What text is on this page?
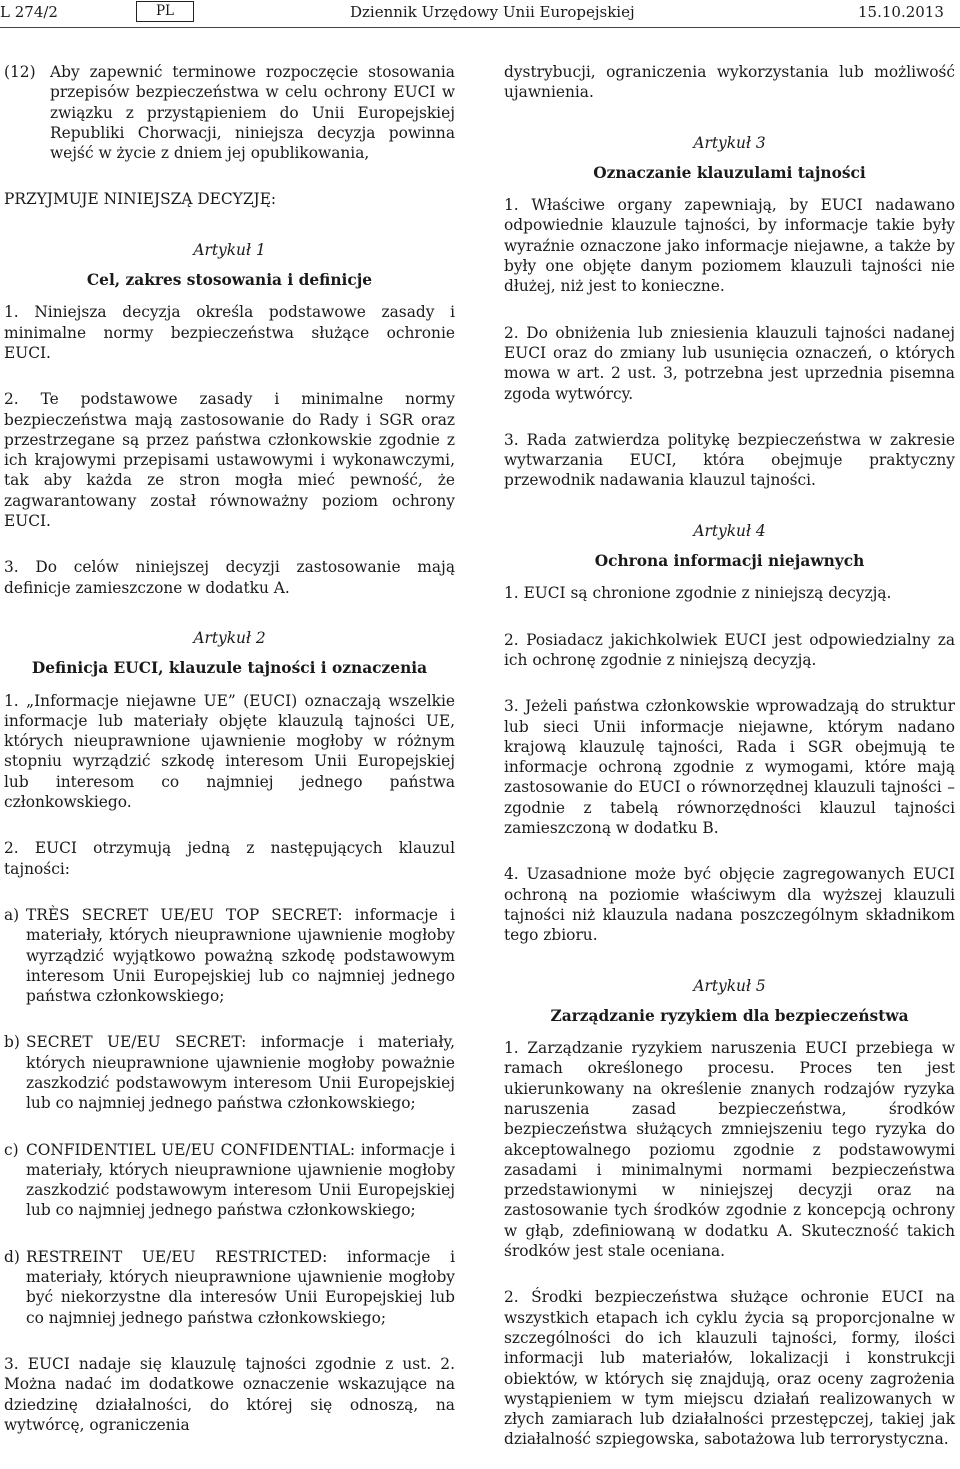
L 274/2	PL	Dziennik Urzędowy Unii Europejskiej	15.10.2013
(12) Aby zapewnić terminowe rozpoczęcie stosowania przepisów bezpieczeństwa w celu ochrony EUCI w związku z przystąpieniem do Unii Europejskiej Republiki Chorwacji, niniejsza decyzja powinna wejść w życie z dniem jej opublikowania,

PRZYJMUJE NINIEJSZĄ DECYZJĘ:

Artykuł 1

Cel, zakres stosowania i definicje

1. Niniejsza decyzja określa podstawowe zasady i minimalne normy bezpieczeństwa służące ochronie EUCI.

2. Te podstawowe zasady i minimalne normy bezpieczeństwa mają zastosowanie do Rady i SGR oraz przestrzegane są przez państwa członkowskie zgodnie z ich krajowymi przepisami ustawowymi i wykonawczymi, tak aby każda ze stron mogła mieć pewność, że zagwarantowany został równoważny poziom ochrony EUCI.

3. Do celów niniejszej decyzji zastosowanie mają definicje zamieszczone w dodatku A.

Artykuł 2

Definicja EUCI, klauzule tajności i oznaczenia

1. „Informacje niejawne UE” (EUCI) oznaczają wszelkie informacje lub materiały objęte klauzulą tajności UE, których nieuprawnione ujawnienie mogłoby w różnym stopniu wyrządzić szkodę interesom Unii Europejskiej lub interesom co najmniej jednego państwa członkowskiego.

2. EUCI otrzymują jedną z następujących klauzul tajności:

a) TRÈS SECRET UE/EU TOP SECRET: informacje i materiały, których nieuprawnione ujawnienie mogłoby wyrządzić wyjątkowo poważną szkodę podstawowym interesom Unii Europejskiej lub co najmniej jednego państwa członkowskiego;
b) SECRET UE/EU SECRET: informacje i materiały, których nieuprawnione ujawnienie mogłoby poważnie zaszkodzić podstawowym interesom Unii Europejskiej lub co najmniej jednego państwa członkowskiego;
c) CONFIDENTIEL UE/EU CONFIDENTIAL: informacje i materiały, których nieuprawnione ujawnienie mogłoby zaszkodzić podstawowym interesom Unii Europejskiej lub co najmniej jednego państwa członkowskiego;
d) RESTREINT UE/EU RESTRICTED: informacje i materiały, których nieuprawnione ujawnienie mogłoby być niekorzystne dla interesów Unii Europejskiej lub co najmniej jednego państwa członkowskiego;

3. EUCI nadaje się klauzulę tajności zgodnie z ust. 2. Można nadać im dodatkowe oznaczenie wskazujące na dziedzinę działalności, do której się odnoszą, na wytwórcę, ograniczenia

dystrybucji, ograniczenia wykorzystania lub możliwość ujawnienia.

Artykuł 3

Oznaczanie klauzulami tajności

1. Właściwe organy zapewniają, by EUCI nadawano odpowiednie klauzule tajności, by informacje takie były wyraźnie oznaczone jako informacje niejawne, a także by były one objęte danym poziomem klauzuli tajności nie dłużej, niż jest to konieczne.

2. Do obniżenia lub zniesienia klauzuli tajności nadanej EUCI oraz do zmiany lub usunięcia oznaczeń, o których mowa w art. 2 ust. 3, potrzebna jest uprzednia pisemna zgoda wytwórcy.

3. Rada zatwierdza politykę bezpieczeństwa w zakresie wytwarzania EUCI, która obejmuje praktyczny przewodnik nadawania klauzul tajności.

Artykuł 4

Ochrona informacji niejawnych

1. EUCI są chronione zgodnie z niniejszą decyzją.

2. Posiadacz jakichkolwiek EUCI jest odpowiedzialny za ich ochronę zgodnie z niniejszą decyzją.

3. Jeżeli państwa członkowskie wprowadzają do struktur lub sieci Unii informacje niejawne, którym nadano krajową klauzulę tajności, Rada i SGR obejmują te informacje ochroną zgodnie z wymogami, które mają zastosowanie do EUCI o równorzędnej klauzuli tajności – zgodnie z tabelą równorzędności klauzul tajności zamieszczoną w dodatku B.

4. Uzasadnione może być objęcie zagregowanych EUCI ochroną na poziomie właściwym dla wyższej klauzuli tajności niż klauzula nadana poszczególnym składnikom tego zbioru.

Artykuł 5

Zarządzanie ryzykiem dla bezpieczeństwa

1. Zarządzanie ryzykiem naruszenia EUCI przebiega w ramach określonego procesu. Proces ten jest ukierunkowany na określenie znanych rodzajów ryzyka naruszenia zasad bezpieczeństwa, środków bezpieczeństwa służących zmniejszeniu tego ryzyka do akceptowalnego poziomu zgodnie z podstawowymi zasadami i minimalnymi normami bezpieczeństwa przedstawionymi w niniejszej decyzji oraz na zastosowanie tych środków zgodnie z koncepcją ochrony w głąb, zdefiniowaną w dodatku A. Skuteczność takich środków jest stale oceniana.

2. Środki bezpieczeństwa służące ochronie EUCI na wszystkich etapach ich cyklu życia są proporcjonalne w szczególności do ich klauzuli tajności, formy, ilości informacji lub materiałów, lokalizacji i konstrukcji obiektów, w których się znajdują, oraz oceny zagrożenia wystąpieniem w tym miejscu działań realizowanych w złych zamiarach lub działalności przestępczej, takiej jak działalność szpiegowska, sabotażowa lub terrorystyczna.
